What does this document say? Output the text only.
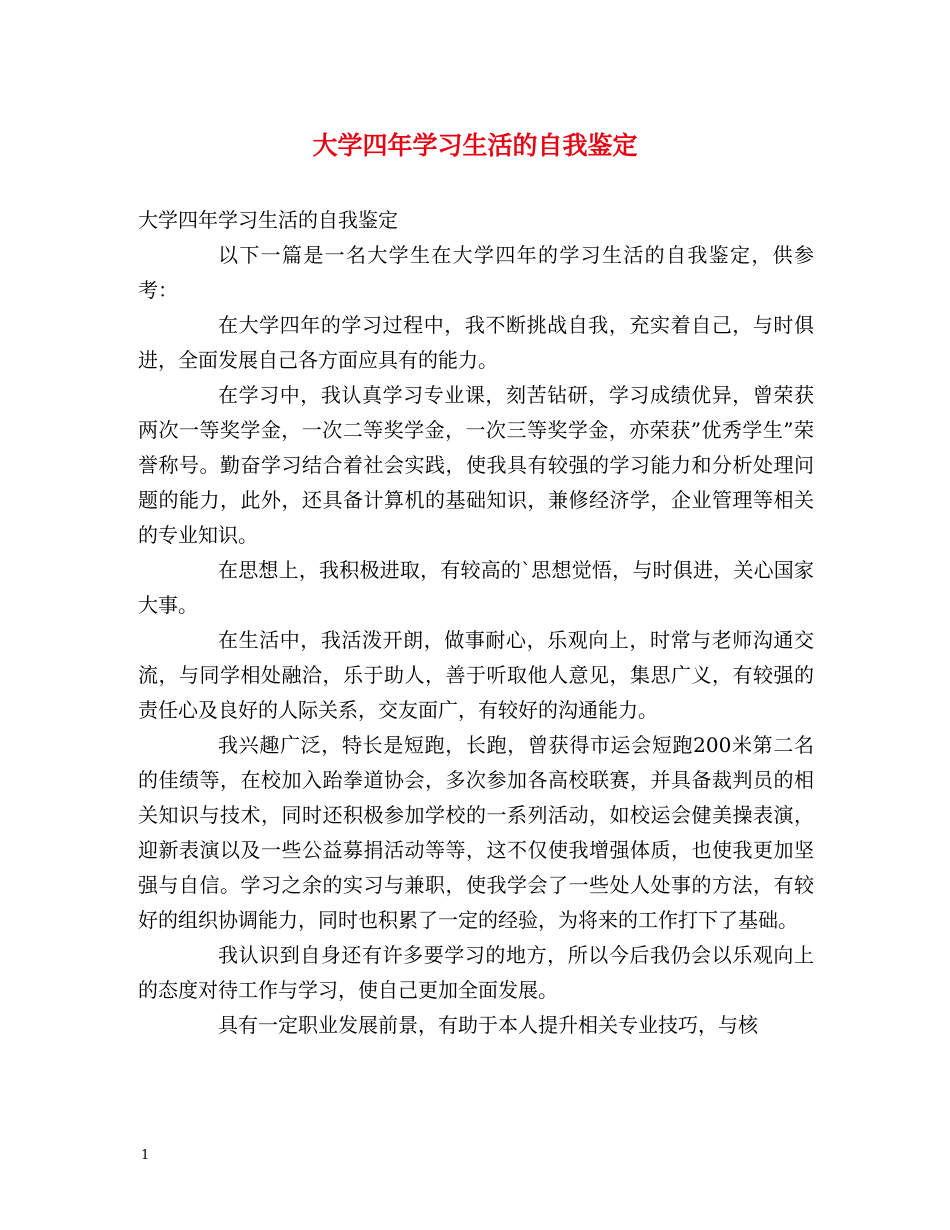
大学四年学习生活的自我鉴定

大学四年学习生活的自我鉴定

以下一篇是一名大学生在大学四年的学习生活的自我鉴定，供参考：

在大学四年的学习过程中，我不断挑战自我，充实着自己，与时俱进，全面发展自己各方面应具有的能力。

在学习中，我认真学习专业课，刻苦钻研，学习成绩优异，曾荣获两次一等奖学金，一次二等奖学金，一次三等奖学金，亦荣获”优秀学生”荣誉称号。勤奋学习结合着社会实践，使我具有较强的学习能力和分析处理问题的能力，此外，还具备计算机的基础知识，兼修经济学，企业管理等相关的专业知识。

在思想上，我积极进取，有较高的`思想觉悟，与时俱进，关心国家大事。

在生活中，我活泼开朗，做事耐心，乐观向上，时常与老师沟通交流，与同学相处融洽，乐于助人，善于听取他人意见，集思广义，有较强的责任心及良好的人际关系，交友面广，有较好的沟通能力。

我兴趣广泛，特长是短跑，长跑，曾获得市运会短跑200米第二名的佳绩等，在校加入跆拳道协会，多次参加各高校联赛，并具备裁判员的相关知识与技术，同时还积极参加学校的一系列活动，如校运会健美操表演，迎新表演以及一些公益募捐活动等等，这不仅使我增强体质，也使我更加坚强与自信。学习之余的实习与兼职，使我学会了一些处人处事的方法，有较好的组织协调能力，同时也积累了一定的经验，为将来的工作打下了基础。

我认识到自身还有许多要学习的地方，所以今后我仍会以乐观向上的态度对待工作与学习，使自己更加全面发展。

具有一定职业发展前景，有助于本人提升相关专业技巧，与核

1
